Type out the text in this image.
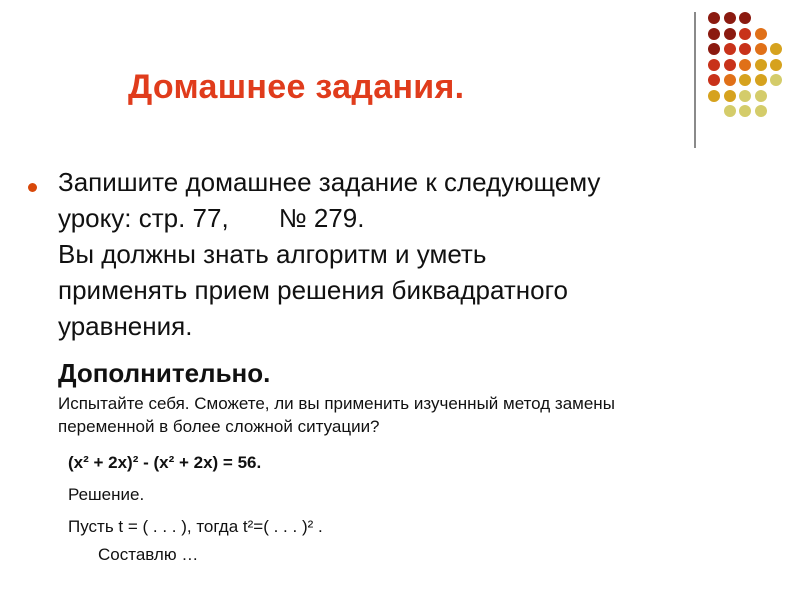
Домашнее задания.
Запишите домашнее задание к следующему
уроку: стр. 77, № 279.
Вы должны знать алгоритм и уметь
применять прием решения биквадратного
уравнения.
Дополнительно.
Испытайте себя. Сможете, ли вы применить изученный метод замены
переменной в более сложной ситуации?
(x² + 2x)² - (x² + 2x) = 56.
Решение.
Пусть t = ( . . . ), тогда t²=( . . . )² .
Составлю …
